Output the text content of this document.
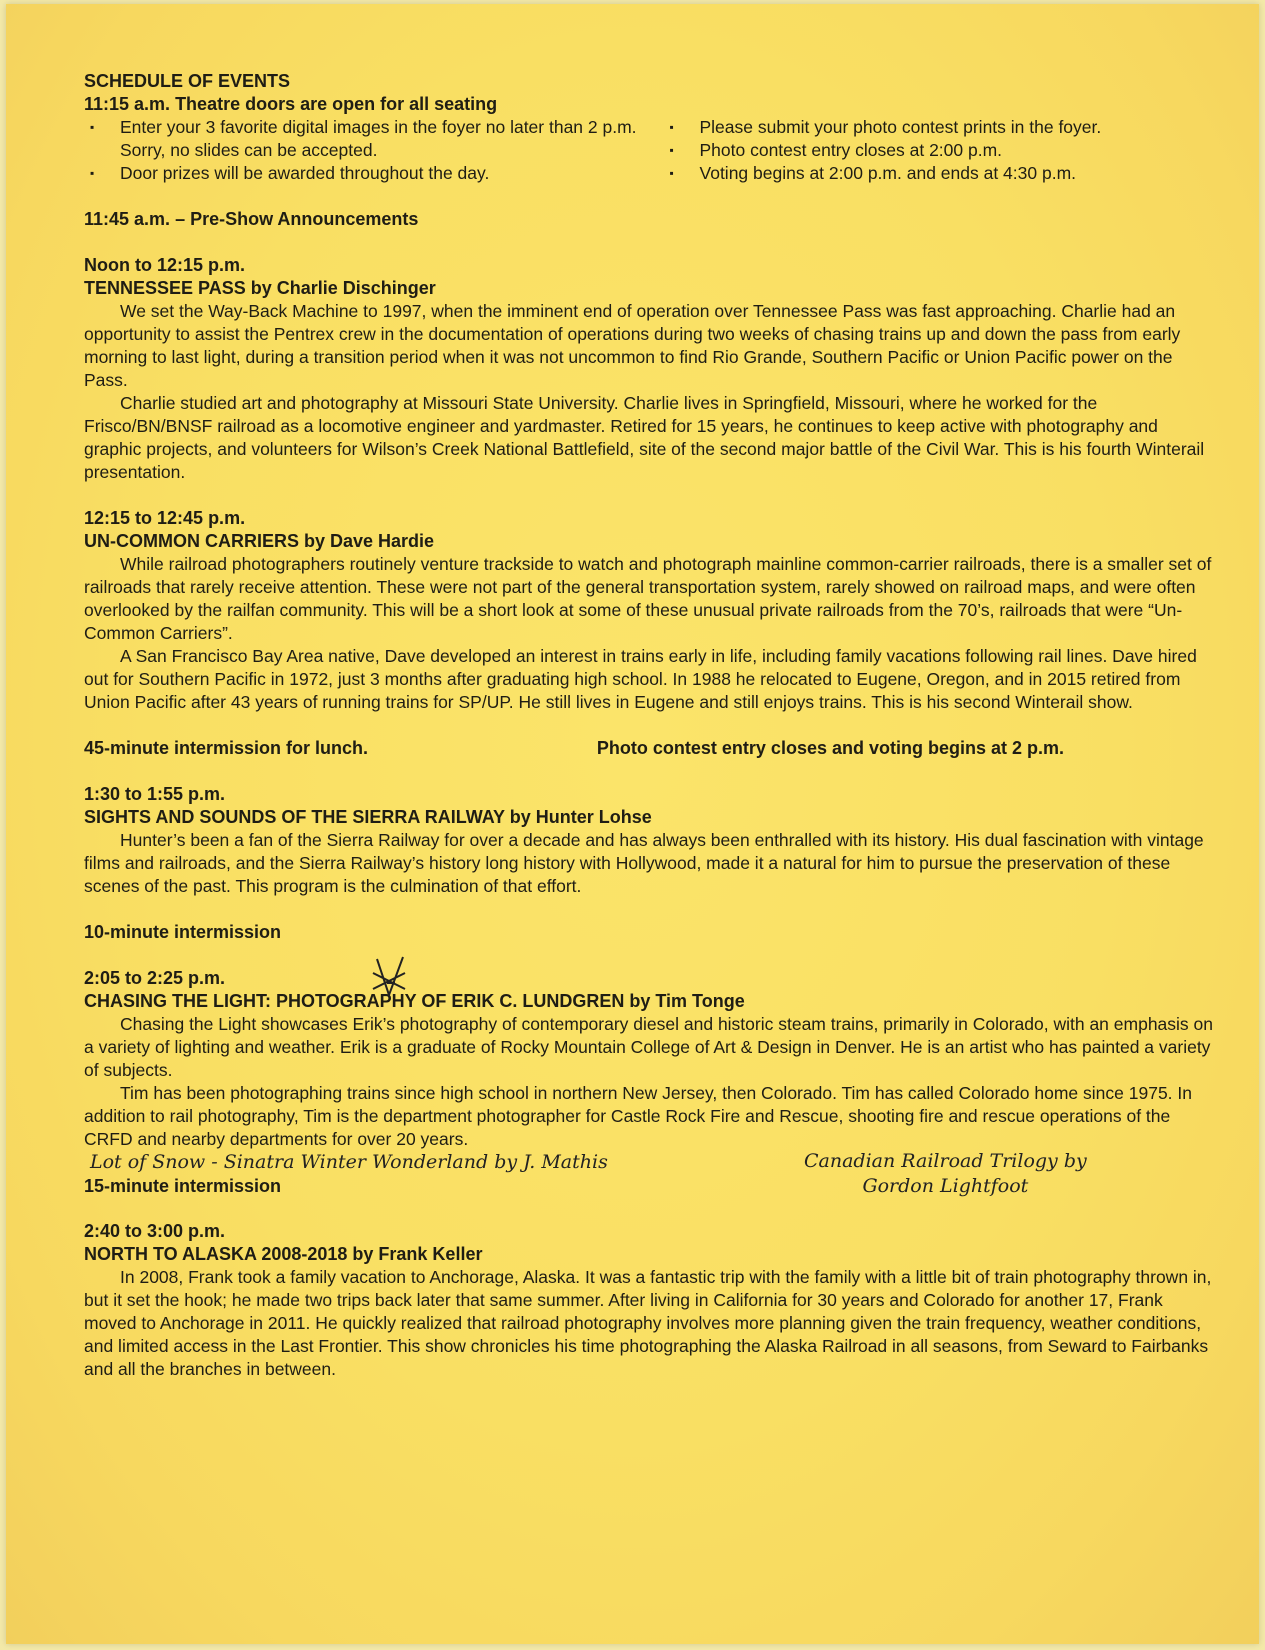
SCHEDULE OF EVENTS

11:15 a.m. Theatre doors are open for all seating

▪ Enter your 3 favorite digital images in the foyer no later than 2 p.m. Sorry, no slides can be accepted.
▪ Door prizes will be awarded throughout the day.
▪ Please submit your photo contest prints in the foyer.
▪ Photo contest entry closes at 2:00 p.m.
▪ Voting begins at 2:00 p.m. and ends at 4:30 p.m.

11:45 a.m. – Pre-Show Announcements

Noon to 12:15 p.m.

TENNESSEE PASS by Charlie Dischinger

We set the Way-Back Machine to 1997, when the imminent end of operation over Tennessee Pass was fast approaching. Charlie had an opportunity to assist the Pentrex crew in the documentation of operations during two weeks of chasing trains up and down the pass from early morning to last light, during a transition period when it was not uncommon to find Rio Grande, Southern Pacific or Union Pacific power on the Pass.

Charlie studied art and photography at Missouri State University. Charlie lives in Springfield, Missouri, where he worked for the Frisco/BN/BNSF railroad as a locomotive engineer and yardmaster. Retired for 15 years, he continues to keep active with photography and graphic projects, and volunteers for Wilson’s Creek National Battlefield, site of the second major battle of the Civil War. This is his fourth Winterail presentation.

12:15 to 12:45 p.m.

UN-COMMON CARRIERS by Dave Hardie

While railroad photographers routinely venture trackside to watch and photograph mainline common-carrier railroads, there is a smaller set of railroads that rarely receive attention. These were not part of the general transportation system, rarely showed on railroad maps, and were often overlooked by the railfan community. This will be a short look at some of these unusual private railroads from the 70’s, railroads that were “Un-Common Carriers”.

A San Francisco Bay Area native, Dave developed an interest in trains early in life, including family vacations following rail lines. Dave hired out for Southern Pacific in 1972, just 3 months after graduating high school. In 1988 he relocated to Eugene, Oregon, and in 2015 retired from Union Pacific after 43 years of running trains for SP/UP. He still lives in Eugene and still enjoys trains. This is his second Winterail show.

45-minute intermission for lunch.	Photo contest entry closes and voting begins at 2 p.m.

1:30 to 1:55 p.m.

SIGHTS AND SOUNDS OF THE SIERRA RAILWAY by Hunter Lohse

Hunter’s been a fan of the Sierra Railway for over a decade and has always been enthralled with its history. His dual fascination with vintage films and railroads, and the Sierra Railway’s history long history with Hollywood, made it a natural for him to pursue the preservation of these scenes of the past. This program is the culmination of that effort.

10-minute intermission

2:05 to 2:25 p.m.

CHASING THE LIGHT: PHOTOGRAPHY OF ERIK C. LUNDGREN by Tim Tonge

Chasing the Light showcases Erik’s photography of contemporary diesel and historic steam trains, primarily in Colorado, with an emphasis on a variety of lighting and weather. Erik is a graduate of Rocky Mountain College of Art & Design in Denver. He is an artist who has painted a variety of subjects.

Tim has been photographing trains since high school in northern New Jersey, then Colorado. Tim has called Colorado home since 1975. In addition to rail photography, Tim is the department photographer for Castle Rock Fire and Rescue, shooting fire and rescue operations of the CRFD and nearby departments for over 20 years.

Lot of Snow - Sinatra Winter Wonderland by J. Mathis	Canadian Railroad Trilogy by
Gordon Lightfoot
15-minute intermission

2:40 to 3:00 p.m.

NORTH TO ALASKA 2008-2018 by Frank Keller

In 2008, Frank took a family vacation to Anchorage, Alaska. It was a fantastic trip with the family with a little bit of train photography thrown in, but it set the hook; he made two trips back later that same summer. After living in California for 30 years and Colorado for another 17, Frank moved to Anchorage in 2011. He quickly realized that railroad photography involves more planning given the train frequency, weather conditions, and limited access in the Last Frontier. This show chronicles his time photographing the Alaska Railroad in all seasons, from Seward to Fairbanks and all the branches in between.
